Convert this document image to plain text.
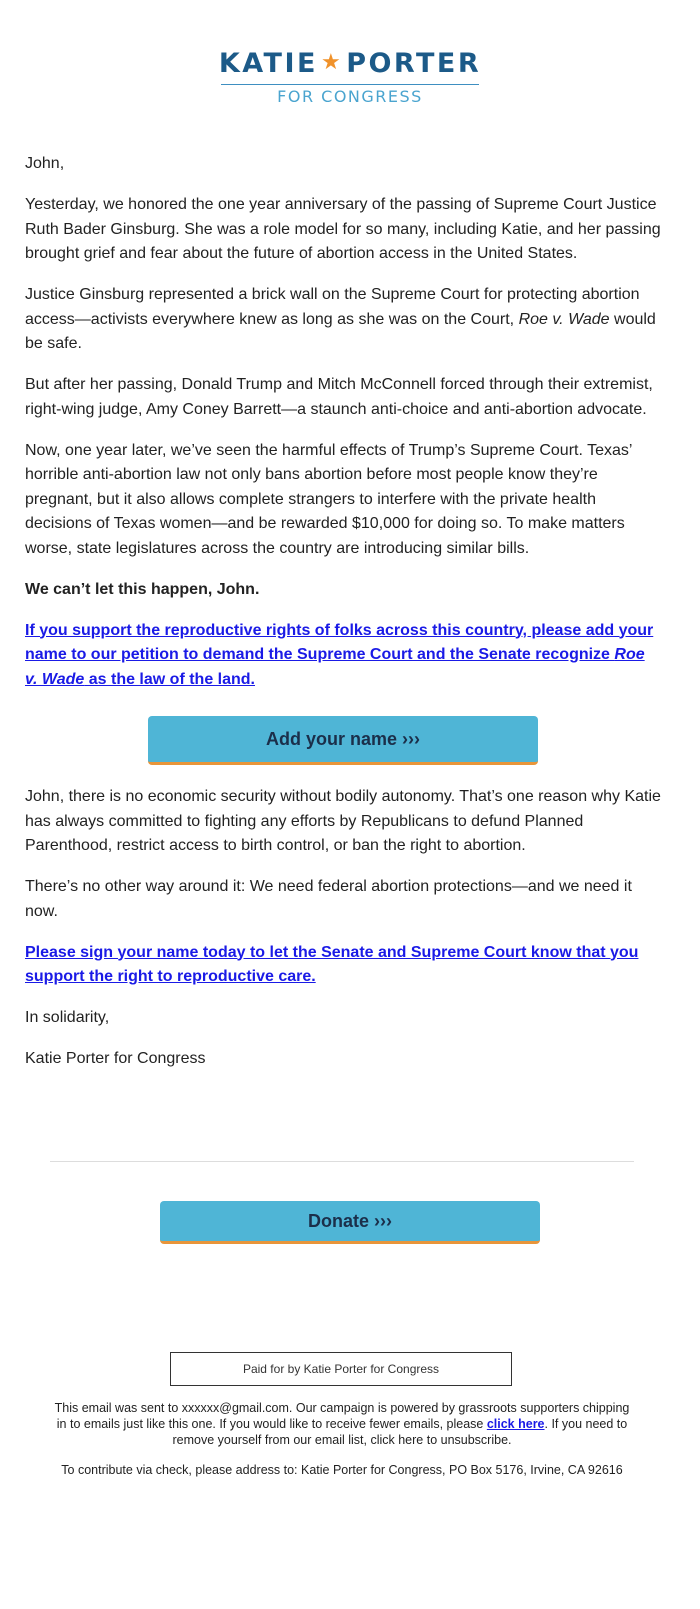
KATIE ★ PORTER
FOR CONGRESS

John,

Yesterday, we honored the one year anniversary of the passing of Supreme Court Justice Ruth Bader Ginsburg. She was a role model for so many, including Katie, and her passing brought grief and fear about the future of abortion access in the United States.

Justice Ginsburg represented a brick wall on the Supreme Court for protecting abortion access—activists everywhere knew as long as she was on the Court, Roe v. Wade would be safe.

But after her passing, Donald Trump and Mitch McConnell forced through their extremist, right-wing judge, Amy Coney Barrett—a staunch anti-choice and anti-abortion advocate.

Now, one year later, we’ve seen the harmful effects of Trump’s Supreme Court. Texas’ horrible anti-abortion law not only bans abortion before most people know they’re pregnant, but it also allows complete strangers to interfere with the private health decisions of Texas women—and be rewarded $10,000 for doing so. To make matters worse, state legislatures across the country are introducing similar bills.

We can’t let this happen, John.

If you support the reproductive rights of folks across this country, please add your name to our petition to demand the Supreme Court and the Senate recognize Roe v. Wade as the law of the land.

Add your name ›››

John, there is no economic security without bodily autonomy. That’s one reason why Katie has always committed to fighting any efforts by Republicans to defund Planned Parenthood, restrict access to birth control, or ban the right to abortion.

There’s no other way around it: We need federal abortion protections—and we need it now.

Please sign your name today to let the Senate and Supreme Court know that you support the right to reproductive care.

In solidarity,

Katie Porter for Congress

Donate ›››
Paid for by Katie Porter for Congress

This email was sent to xxxxxx@gmail.com. Our campaign is powered by grassroots supporters chipping in to emails just like this one. If you would like to receive fewer emails, please click here. If you need to remove yourself from our email list, click here to unsubscribe.

To contribute via check, please address to: Katie Porter for Congress, PO Box 5176, Irvine, CA 92616
